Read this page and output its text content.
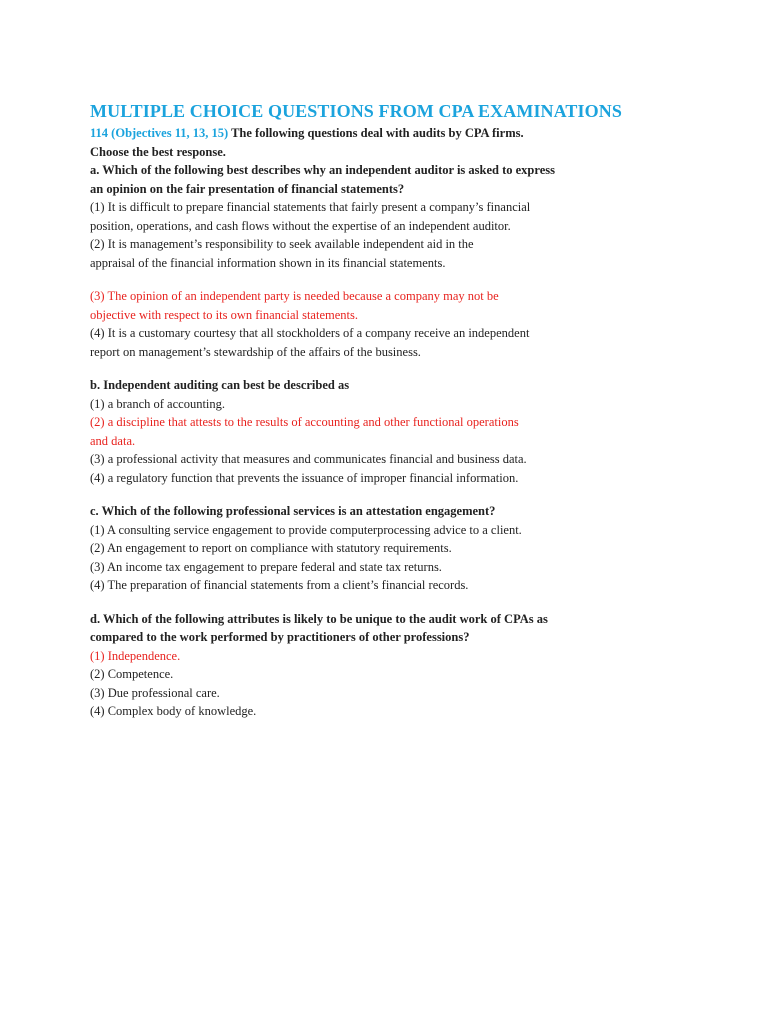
MULTIPLE CHOICE QUESTIONS FROM CPA EXAMINATIONS

114 (Objectives 11, 13, 15) The following questions deal with audits by CPA firms.

Choose the best response.

a. Which of the following best describes why an independent auditor is asked to express

an opinion on the fair presentation of financial statements?

(1) It is difficult to prepare financial statements that fairly present a company’s financial

position, operations, and cash flows without the expertise of an independent auditor.

(2) It is management’s responsibility to seek available independent aid in the

appraisal of the financial information shown in its financial statements.

(3) The opinion of an independent party is needed because a company may not be

objective with respect to its own financial statements.

(4) It is a customary courtesy that all stockholders of a company receive an independent

report on management’s stewardship of the affairs of the business.

b. Independent auditing can best be described as

(1) a branch of accounting.

(2) a discipline that attests to the results of accounting and other functional operations

and data.

(3) a professional activity that measures and communicates financial and business data.

(4) a regulatory function that prevents the issuance of improper financial information.

c. Which of the following professional services is an attestation engagement?

(1) A consulting service engagement to provide computerprocessing advice to a client.

(2) An engagement to report on compliance with statutory requirements.

(3) An income tax engagement to prepare federal and state tax returns.

(4) The preparation of financial statements from a client’s financial records.

d. Which of the following attributes is likely to be unique to the audit work of CPAs as

compared to the work performed by practitioners of other professions?

(1) Independence.

(2) Competence.

(3) Due professional care.

(4) Complex body of knowledge.
